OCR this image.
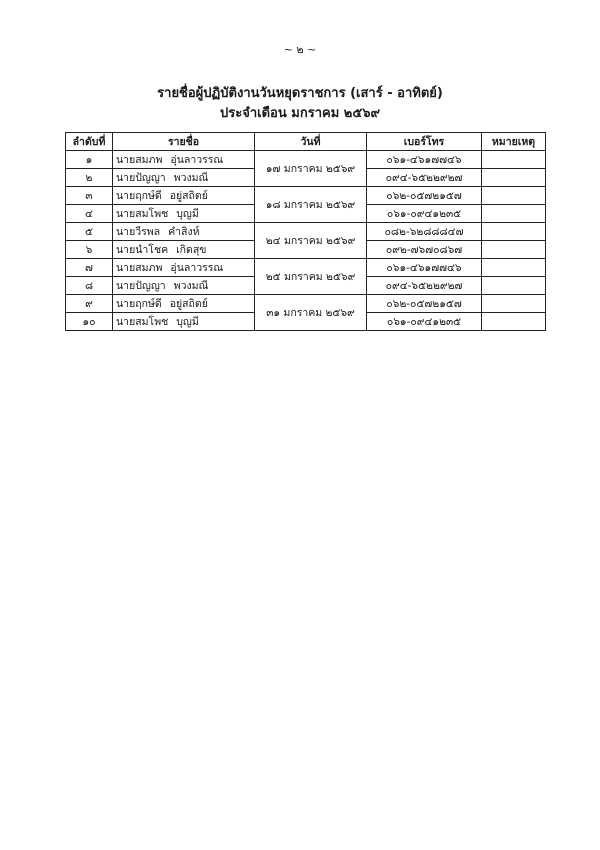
~ ๒ ~
รายชื่อผู้ปฏิบัติงานวันหยุดราชการ (เสาร์ - อาทิตย์)
ประจำเดือน มกราคม ๒๕๖๙
ลำดับที่	รายชื่อ	วันที่	เบอร์โทร	หมายเหตุ
๑	นายสมภพ อุ่นลาวรรณ	๑๗ มกราคม ๒๕๖๙	๐๖๑-๔๖๑๗๗๔๖	
๒	นายปัญญา พวงมณี		๐๙๔-๖๕๒๒๙๒๗	
๓	นายฤกษ์ดี อยู่สถิตย์	๑๘ มกราคม ๒๕๖๙	๐๖๒-๐๕๗๒๑๕๗	
๔	นายสมโพช บุญมี		๐๖๑-๐๙๔๑๒๓๕	
๕	นายวีรพล คำสิงห์	๒๔ มกราคม ๒๕๖๙	๐๘๒-๖๒๘๘๘๔๗	
๖	นายนำโชค เกิดสุข		๐๙๒-๗๖๗๐๘๖๗	
๗	นายสมภพ อุ่นลาวรรณ	๒๕ มกราคม ๒๕๖๙	๐๖๑-๔๖๑๗๗๔๖	
๘	นายปัญญา พวงมณี		๐๙๔-๖๕๒๒๙๒๗	
๙	นายฤกษ์ดี อยู่สถิตย์	๓๑ มกราคม ๒๕๖๙	๐๖๒-๐๕๗๒๑๕๗	
๑๐	นายสมโพช บุญมี		๐๖๑-๐๙๔๑๒๓๕	
